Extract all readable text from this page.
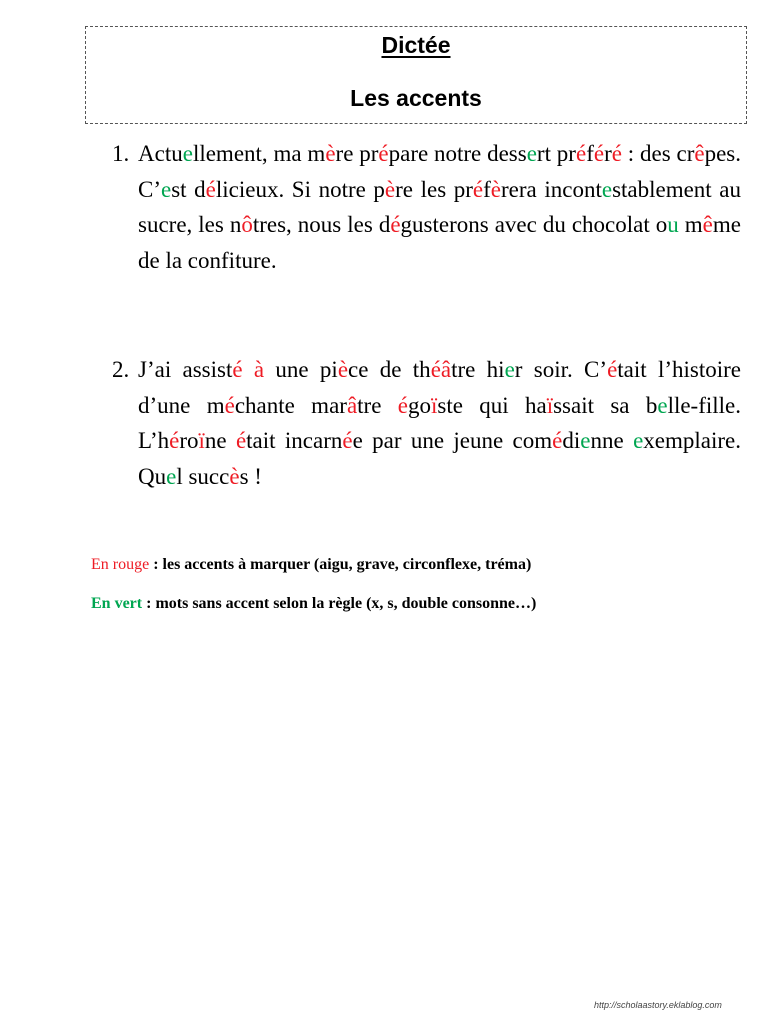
Dictée
Les accents
1. Actuellement, ma mère prépare notre dessert préféré : des crêpes. C’est délicieux. Si notre père les préfèrera incontestablement au sucre, les nôtres, nous les dégusterons avec du chocolat ou même de la confiture.
2. J’ai assisté à une pièce de théâtre hier soir. C’était l’histoire d’une méchante marâtre égoïste qui haïssait sa belle-fille. L’héroïne était incarnée par une jeune comédienne exemplaire. Quel succès !
En rouge : les accents à marquer (aigu, grave, circonflexe, tréma)
En vert : mots sans accent selon la règle (x, s, double consonne…)
http://scholaastory.eklablog.com
